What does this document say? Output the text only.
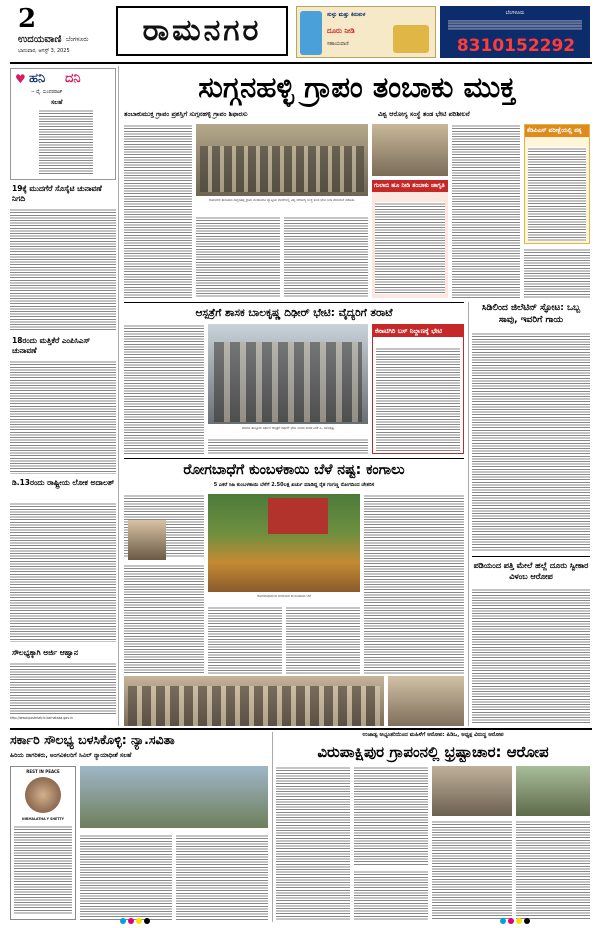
2
ಉದಯವಾಣಿ ಬೆಂಗಳೂರು
ಭಾನುವಾರ, ಆಗಸ್ಟ್ 3, 2025
ರಾಮನಗರ	ಸುಳ್ಳು ಮತ್ತು ಕಿರುಕುಳ
ದೂರು ನೀಡಿ
ಸಹಾಯವಾಣಿ
ಬೆಂಗಳೂರು
8310152292
♥ ಹನಿ ದನಿ
~ ವೈ. ಸುಂದರರಾಜ್
ಸಲಹೆ
19ಕ್ಕೆ ಮುದಗೆರೆ ಸೊಸೈಟಿ ಚುನಾವಣೆ ನಿಗದಿ
18ರಂದು ಮತ್ತಿಕೆರೆ ಎಂಪಿಸಿಎಸ್ ಚುನಾವಣೆ
ಡಿ.13ರಂದು ರಾಷ್ಟ್ರೀಯ ಲೋಕ ಅದಾಲತ್
ಸೌಲಭ್ಯಕ್ಕಾಗಿ ಅರ್ಜಿ ಆಹ್ವಾನ
http://www.postmatric.karnataka.gov.in
ಸುಗ್ಗನಹಳ್ಳಿ ಗ್ರಾಪಂ ತಂಬಾಕು ಮುಕ್ತ
ತಂಬಾಕುಮುಕ್ತ ಗ್ರಾಪಂ ಪ್ರಶಸ್ತಿಗೆ ಸುಗ್ಗನಹಳ್ಳಿ ಗ್ರಾಪಂ ಶಿಫಾರಸು	ವಿಶ್ವ ಆರೋಗ್ಯ ಸಂಸ್ಥೆ ತಂಡ ಭೇಟಿ ಪರಿಶೀಲನೆ
ರಾಮನಗರ ತಾಲೂಕಿನ ಸುಗ್ಗನಹಳ್ಳಿ ಗ್ರಾಮ ಪಂಚಾಯಿತಿ ವ್ಯಾಪ್ತಿಯ ಶಾಲೆಗಳಲ್ಲಿ ವಿಶ್ವ ಆರೋಗ್ಯ ಸಂಸ್ಥೆ ತಂಡ ಭೇಟಿ ನೀಡಿ ಪರಿಶೀಲನೆ ನಡೆಸಿತು.
ಗುಲಾಬಿ ಹೂ ನೀಡಿ ತಂಬಾಕು ಜಾಗೃತಿ
ಕೆಡಿಪಿಎಸ್ ಪರೀಕ್ಷೆಯಲ್ಲಿ ಪಕ್ಕ
ಆಸ್ಪತ್ರೆಗೆ ಶಾಸಕ ಬಾಲಕೃಷ್ಣ ದಿಢೀರ್ ಭೇಟಿ: ವೈದ್ಯರಿಗೆ ತರಾಟೆ
ಮಾಗಡಿ ತಾಲ್ಲೂಕು ಸರ್ಕಾರಿ ಆಸ್ಪತ್ರೆಗೆ ದಿಢೀರ್ ಭೇಟಿ ನೀಡಿದ ಶಾಸಕ ಎಚ್.ಸಿ. ಬಾಲಕೃಷ್ಣ
ಕೆನಾಟಿಗಿರಿ ಬಸ್ ನಿಲ್ದಾಣಕ್ಕೆ ಭೇಟಿ
ಸಿಡಿಲಿಂದ ಜಿಲೆಟಿನ್ ಸ್ಫೋಟ: ಒಬ್ಬ ಸಾವು, ಇವರಿಗೆ ಗಾಯ
ಪಡಿಯಂದ ಪತ್ತಿ ಮೇಲೆ ಹಲ್ಲೆ ದೂರು ಸ್ವೀಕಾರ ವಿಳಂಬ ಆರೋಪ
ರೋಗಬಾಧೆಗೆ ಕುಂಬಳಕಾಯಿ ಬೆಳೆ ನಷ್ಟ: ಕಂಗಾಲು
5 ಎಕರೆ ಸಿಹಿ ಕುಂಬಳಕಾಯಿ ಬೆಳೆಗೆ 2.50ಲಕ್ಷ ಖರ್ಚು ಮಾಡಿದ್ದ ರೈತ ಗಂಗಣ್ಣ ರೋಗದಿಂದ ಚೇತರಿಸ
ರೋಗಬಾಧೆಯಿಂದ ಕಂಗಾಲಾದ ಕುಂಬಳಕಾಯಿ ಬೆಳೆ
ಸರ್ಕಾರಿ ಸೌಲಭ್ಯ ಬಳಸಿಕೊಳ್ಳಿ: ನ್ಯಾ.ಸವಿತಾ
ಹಿರಿಯ ನಾಗರಿಕರು, ಅಂಗವಿಕಲರಿಗೆ ಸಿವಿಲ್ ನ್ಯಾಯಾಧೀಶೆ ಸಲಹೆ
REST IN PEACE
NIRMALATHA Y SHETTY
ಉಜಾಡ್ವ ಅಭ್ಯಂತರಿಯಿಂದ ಮಹಿಳೆಗೆ ಆರೋಪ: ಪಿಡಿಒ, ಅಧ್ಯಕ್ಷ ವಿರುದ್ಧ ಆರೋಪ
ವಿರುಪಾಕ್ಷಿಪುರ ಗ್ರಾಪಂನಲ್ಲಿ ಭ್ರಷ್ಟಾಚಾರ: ಆರೋಪ
